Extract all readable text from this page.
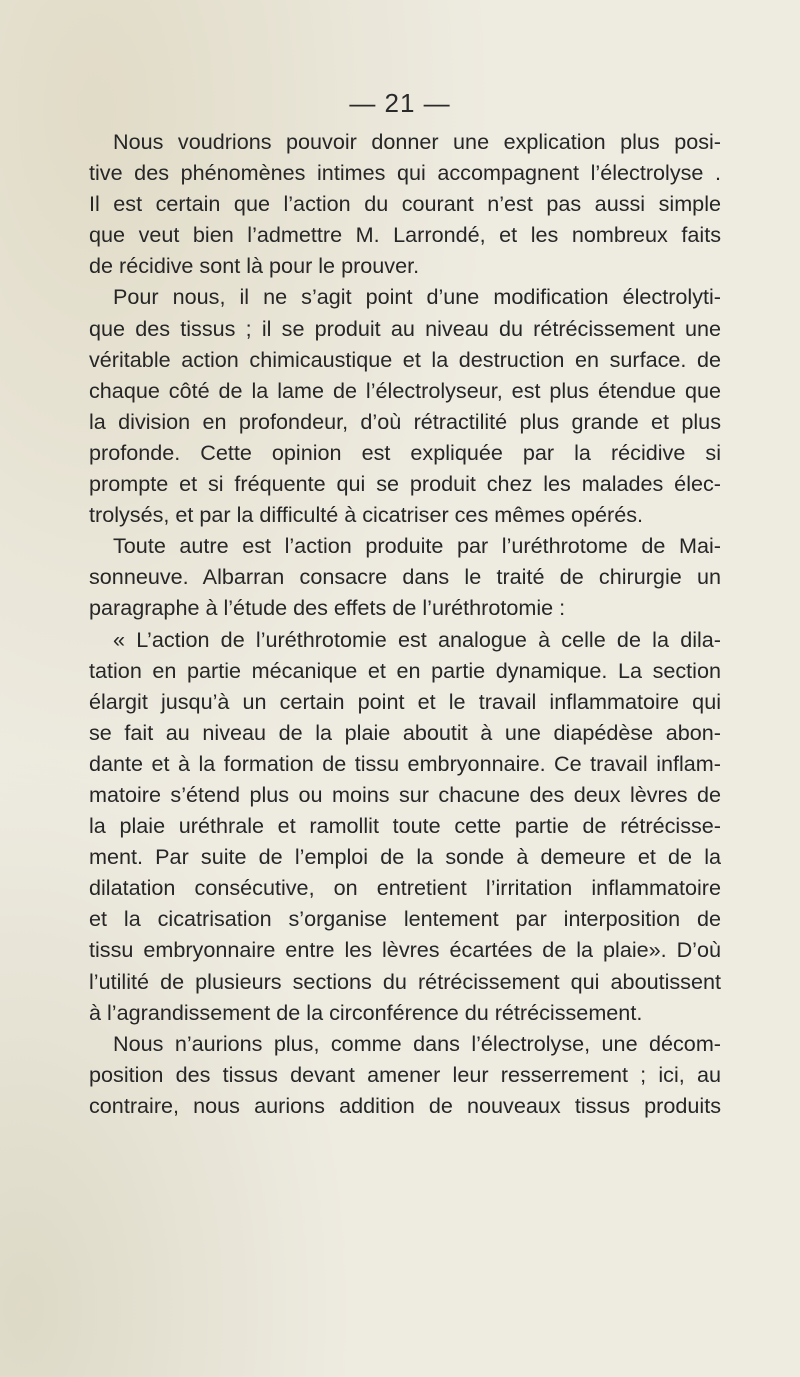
— 21 —
Nous voudrions pouvoir donner une explication plus posi-
tive des phénomènes intimes qui accompagnent l’électrolyse .
Il est certain que l’action du courant n’est pas aussi simple
que veut bien l’admettre M. Larrondé, et les nombreux faits
de récidive sont là pour le prouver.
Pour nous, il ne s’agit point d’une modification électrolyti-
que des tissus ; il se produit au niveau du rétrécissement une
véritable action chimicaustique et la destruction en surface. de
chaque côté de la lame de l’électrolyseur, est plus étendue que
la division en profondeur, d’où rétractilité plus grande et plus
profonde. Cette opinion est expliquée par la récidive si
prompte et si fréquente qui se produit chez les malades élec-
trolysés, et par la difficulté à cicatriser ces mêmes opérés.
Toute autre est l’action produite par l’uréthrotome de Mai-
sonneuve. Albarran consacre dans le traité de chirurgie un
paragraphe à l’étude des effets de l’uréthrotomie :
« L’action de l’uréthrotomie est analogue à celle de la dila-
tation en partie mécanique et en partie dynamique. La section
élargit jusqu’à un certain point et le travail inflammatoire qui
se fait au niveau de la plaie aboutit à une diapédèse abon-
dante et à la formation de tissu embryonnaire. Ce travail inflam-
matoire s’étend plus ou moins sur chacune des deux lèvres de
la plaie uréthrale et ramollit toute cette partie de rétrécisse-
ment. Par suite de l’emploi de la sonde à demeure et de la
dilatation consécutive, on entretient l’irritation inflammatoire
et la cicatrisation s’organise lentement par interposition de
tissu embryonnaire entre les lèvres écartées de la plaie». D’où
l’utilité de plusieurs sections du rétrécissement qui aboutissent
à l’agrandissement de la circonférence du rétrécissement.
Nous n’aurions plus, comme dans l’électrolyse, une décom-
position des tissus devant amener leur resserrement ; ici, au
contraire, nous aurions addition de nouveaux tissus produits
